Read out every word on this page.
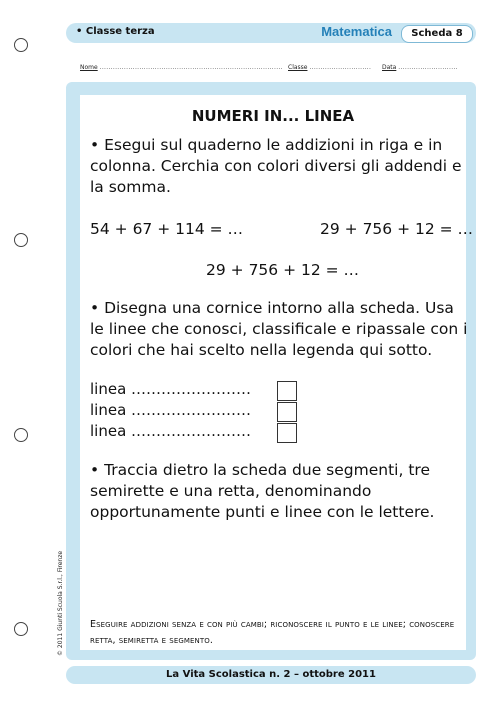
• Classe terza	Matematica	Scheda 8
Nome ................................................................................... Classe ............................ Data ...........................
NUMERI IN... LINEA
• Esegui sul quaderno le addizioni in riga e in colonna. Cerchia con colori diversi gli addendi e la somma.
54 + 67 + 114 = …	29 + 756 + 12 = …
29 + 756 + 12 = …
• Disegna una cornice intorno alla scheda. Usa le linee che conosci, classificale e ripassale con i colori che hai scelto nella legenda qui sotto.
linea ……………………
linea ……………………
linea ……………………
• Traccia dietro la scheda due segmenti, tre semirette e una retta, denominando opportunamente punti e linee con le lettere.
Eseguire addizioni senza e con più cambi; riconoscere il punto e le linee; conoscere retta, semiretta e segmento.
© 2011 Giunti Scuola S.r.l., Firenze
La Vita Scolastica n. 2 – ottobre 2011
